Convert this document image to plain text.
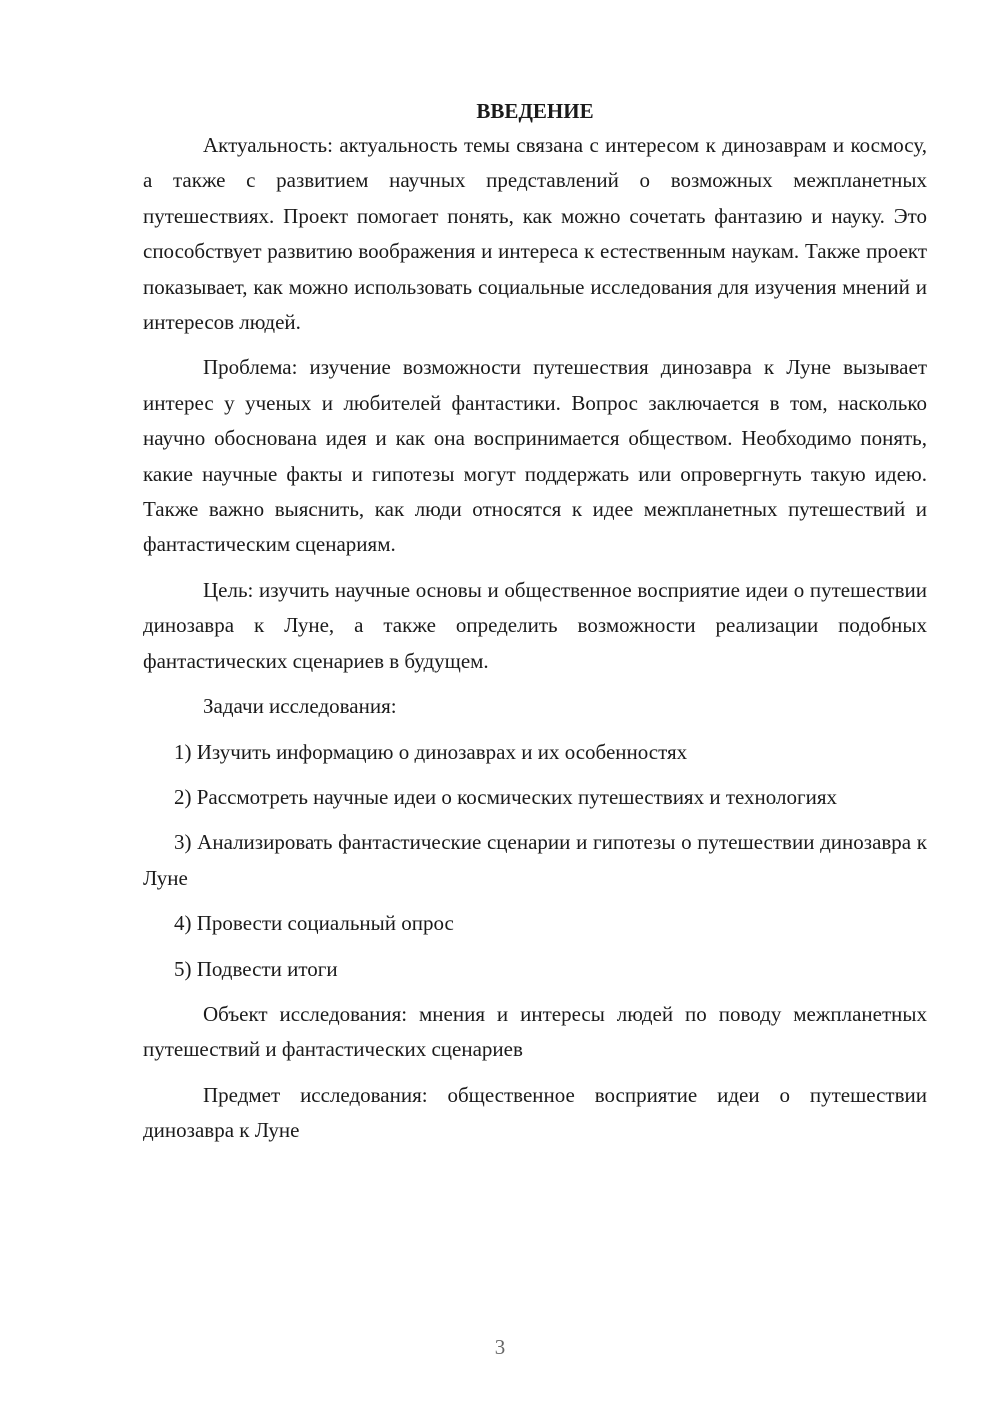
ВВЕДЕНИЕ

Актуальность: актуальность темы связана с интересом к динозаврам и космосу, а также с развитием научных представлений о возможных межпланетных путешествиях. Проект помогает понять, как можно сочетать фантазию и науку. Это способствует развитию воображения и интереса к естественным наукам. Также проект показывает, как можно использовать социальные исследования для изучения мнений и интересов людей.

Проблема: изучение возможности путешествия динозавра к Луне вызывает интерес у ученых и любителей фантастики. Вопрос заключается в том, насколько научно обоснована идея и как она воспринимается обществом. Необходимо понять, какие научные факты и гипотезы могут поддержать или опровергнуть такую идею. Также важно выяснить, как люди относятся к идее межпланетных путешествий и фантастическим сценариям.

Цель: изучить научные основы и общественное восприятие идеи о путешествии динозавра к Луне, а также определить возможности реализации подобных фантастических сценариев в будущем.

Задачи исследования:

1) Изучить информацию о динозаврах и их особенностях

2) Рассмотреть научные идеи о космических путешествиях и технологиях

3) Анализировать фантастические сценарии и гипотезы о путешествии динозавра к Луне

4) Провести социальный опрос

5) Подвести итоги

Объект исследования: мнения и интересы людей по поводу межпланетных путешествий и фантастических сценариев

Предмет исследования: общественное восприятие идеи о путешествии динозавра к Луне

3
